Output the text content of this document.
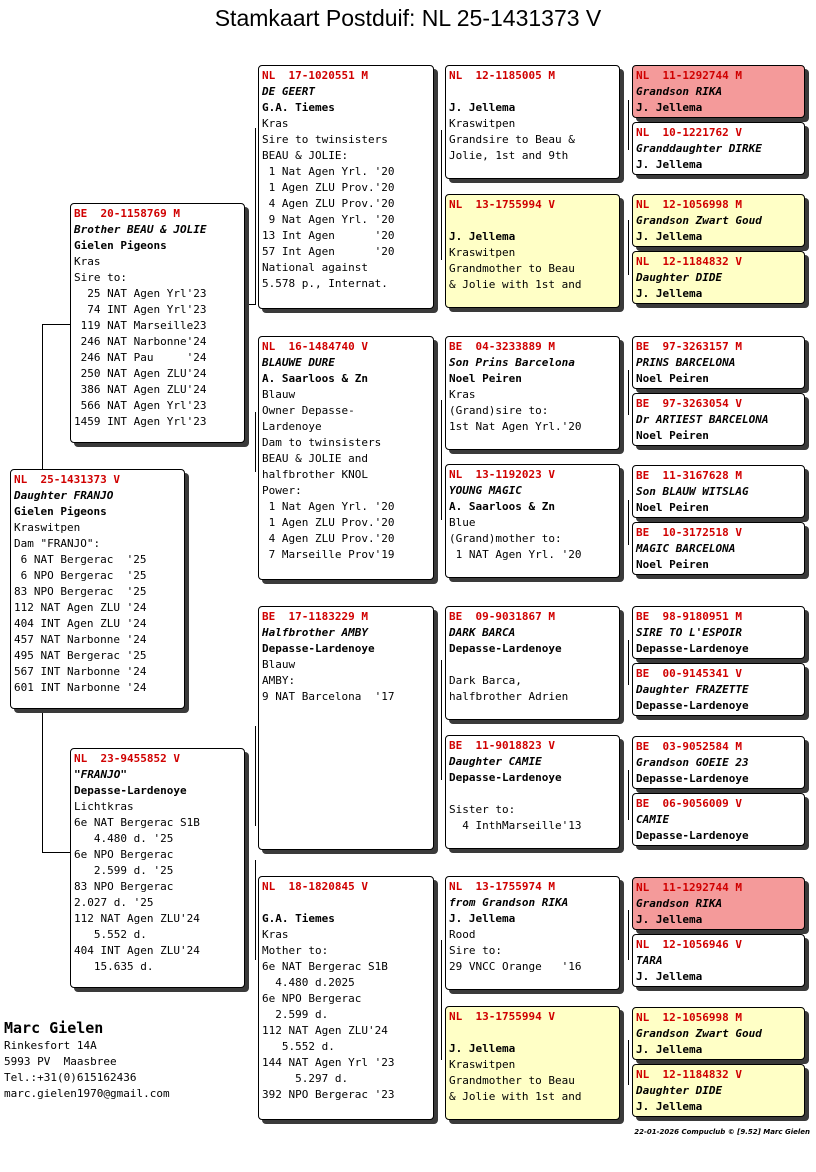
Stamkaart Postduif: NL 25-1431373 V
NL  25-1431373 V
Daughter FRANJO
Gielen Pigeons
Kraswitpen
Dam "FRANJO":
6 NAT Bergerac  '25
6 NPO Bergerac  '25
83 NPO Bergerac  '25
112 NAT Agen ZLU '24
404 INT Agen ZLU '24
457 NAT Narbonne '24
495 NAT Bergerac '25
567 INT Narbonne '24
601 INT Narbonne '24
BE  20-1158769 M
Brother BEAU & JOLIE
Gielen Pigeons
Kras
Sire to:
25 NAT Agen Yrl'23
74 INT Agen Yrl'23
119 NAT Marseille23
246 NAT Narbonne'24
246 NAT Pau     '24
250 NAT Agen ZLU'24
386 NAT Agen ZLU'24
566 NAT Agen Yrl'23
1459 INT Agen Yrl'23
NL  23-9455852 V
"FRANJO"
Depasse-Lardenoye
Lichtkras
6e NAT Bergerac S1B
4.480 d. '25
6e NPO Bergerac
2.599 d. '25
83 NPO Bergerac
2.027 d. '25
112 NAT Agen ZLU'24
5.552 d.
404 INT Agen ZLU'24
15.635 d.
NL  17-1020551 M
DE GEERT
G.A. Tiemes
Kras
Sire to twinsisters
BEAU & JOLIE:
1 Nat Agen Yrl. '20
1 Agen ZLU Prov.'20
4 Agen ZLU Prov.'20
9 Nat Agen Yrl. '20
13 Int Agen      '20
57 Int Agen      '20
National against
5.578 p., Internat.
NL  16-1484740 V
BLAUWE DURE
A. Saarloos & Zn
Blauw
Owner Depasse-
Lardenoye
Dam to twinsisters
BEAU & JOLIE and
halfbrother KNOL
Power:
1 Nat Agen Yrl. '20
1 Agen ZLU Prov.'20
4 Agen ZLU Prov.'20
7 Marseille Prov'19
BE  17-1183229 M
Halfbrother AMBY
Depasse-Lardenoye
Blauw
AMBY:
9 NAT Barcelona  '17
NL  18-1820845 V
G.A. Tiemes
Kras
Mother to:
6e NAT Bergerac S1B
4.480 d.2025
6e NPO Bergerac
2.599 d.
112 NAT Agen ZLU'24
5.552 d.
144 NAT Agen Yrl '23
5.297 d.
392 NPO Bergerac '23
NL  12-1185005 M
J. Jellema
Kraswitpen
Grandsire to Beau &
Jolie, 1st and 9th
NL  13-1755994 V
J. Jellema
Kraswitpen
Grandmother to Beau
& Jolie with 1st and
BE  04-3233889 M
Son Prins Barcelona
Noel Peiren
Kras
(Grand)sire to:
1st Nat Agen Yrl.'20
NL  13-1192023 V
YOUNG MAGIC
A. Saarloos & Zn
Blue
(Grand)mother to:
1 NAT Agen Yrl. '20
BE  09-9031867 M
DARK BARCA
Depasse-Lardenoye
Dark Barca,
halfbrother Adrien
BE  11-9018823 V
Daughter CAMIE
Depasse-Lardenoye
Sister to:
4 InthMarseille'13
NL  13-1755974 M
from Grandson RIKA
J. Jellema
Rood
Sire to:
29 VNCC Orange   '16
NL  13-1755994 V
J. Jellema
Kraswitpen
Grandmother to Beau
& Jolie with 1st and
NL  11-1292744 M
Grandson RIKA
J. Jellema
NL  10-1221762 V
Granddaughter DIRKE
J. Jellema
NL  12-1056998 M
Grandson Zwart Goud
J. Jellema
NL  12-1184832 V
Daughter DIDE
J. Jellema
BE  97-3263157 M
PRINS BARCELONA
Noel Peiren
BE  97-3263054 V
Dr ARTIEST BARCELONA
Noel Peiren
BE  11-3167628 M
Son BLAUW WITSLAG
Noel Peiren
BE  10-3172518 V
MAGIC BARCELONA
Noel Peiren
BE  98-9180951 M
SIRE TO L'ESPOIR
Depasse-Lardenoye
BE  00-9145341 V
Daughter FRAZETTE
Depasse-Lardenoye
BE  03-9052584 M
Grandson GOEIE 23
Depasse-Lardenoye
BE  06-9056009 V
CAMIE
Depasse-Lardenoye
NL  11-1292744 M
Grandson RIKA
J. Jellema
NL  12-1056946 V
TARA
J. Jellema
NL  12-1056998 M
Grandson Zwart Goud
J. Jellema
NL  12-1184832 V
Daughter DIDE
J. Jellema
Marc Gielen
Rinkesfort 14A
5993 PV  Maasbree
Tel.:+31(0)615162436
marc.gielen1970@gmail.com
22-01-2026 Compuclub © [9.52] Marc Gielen
